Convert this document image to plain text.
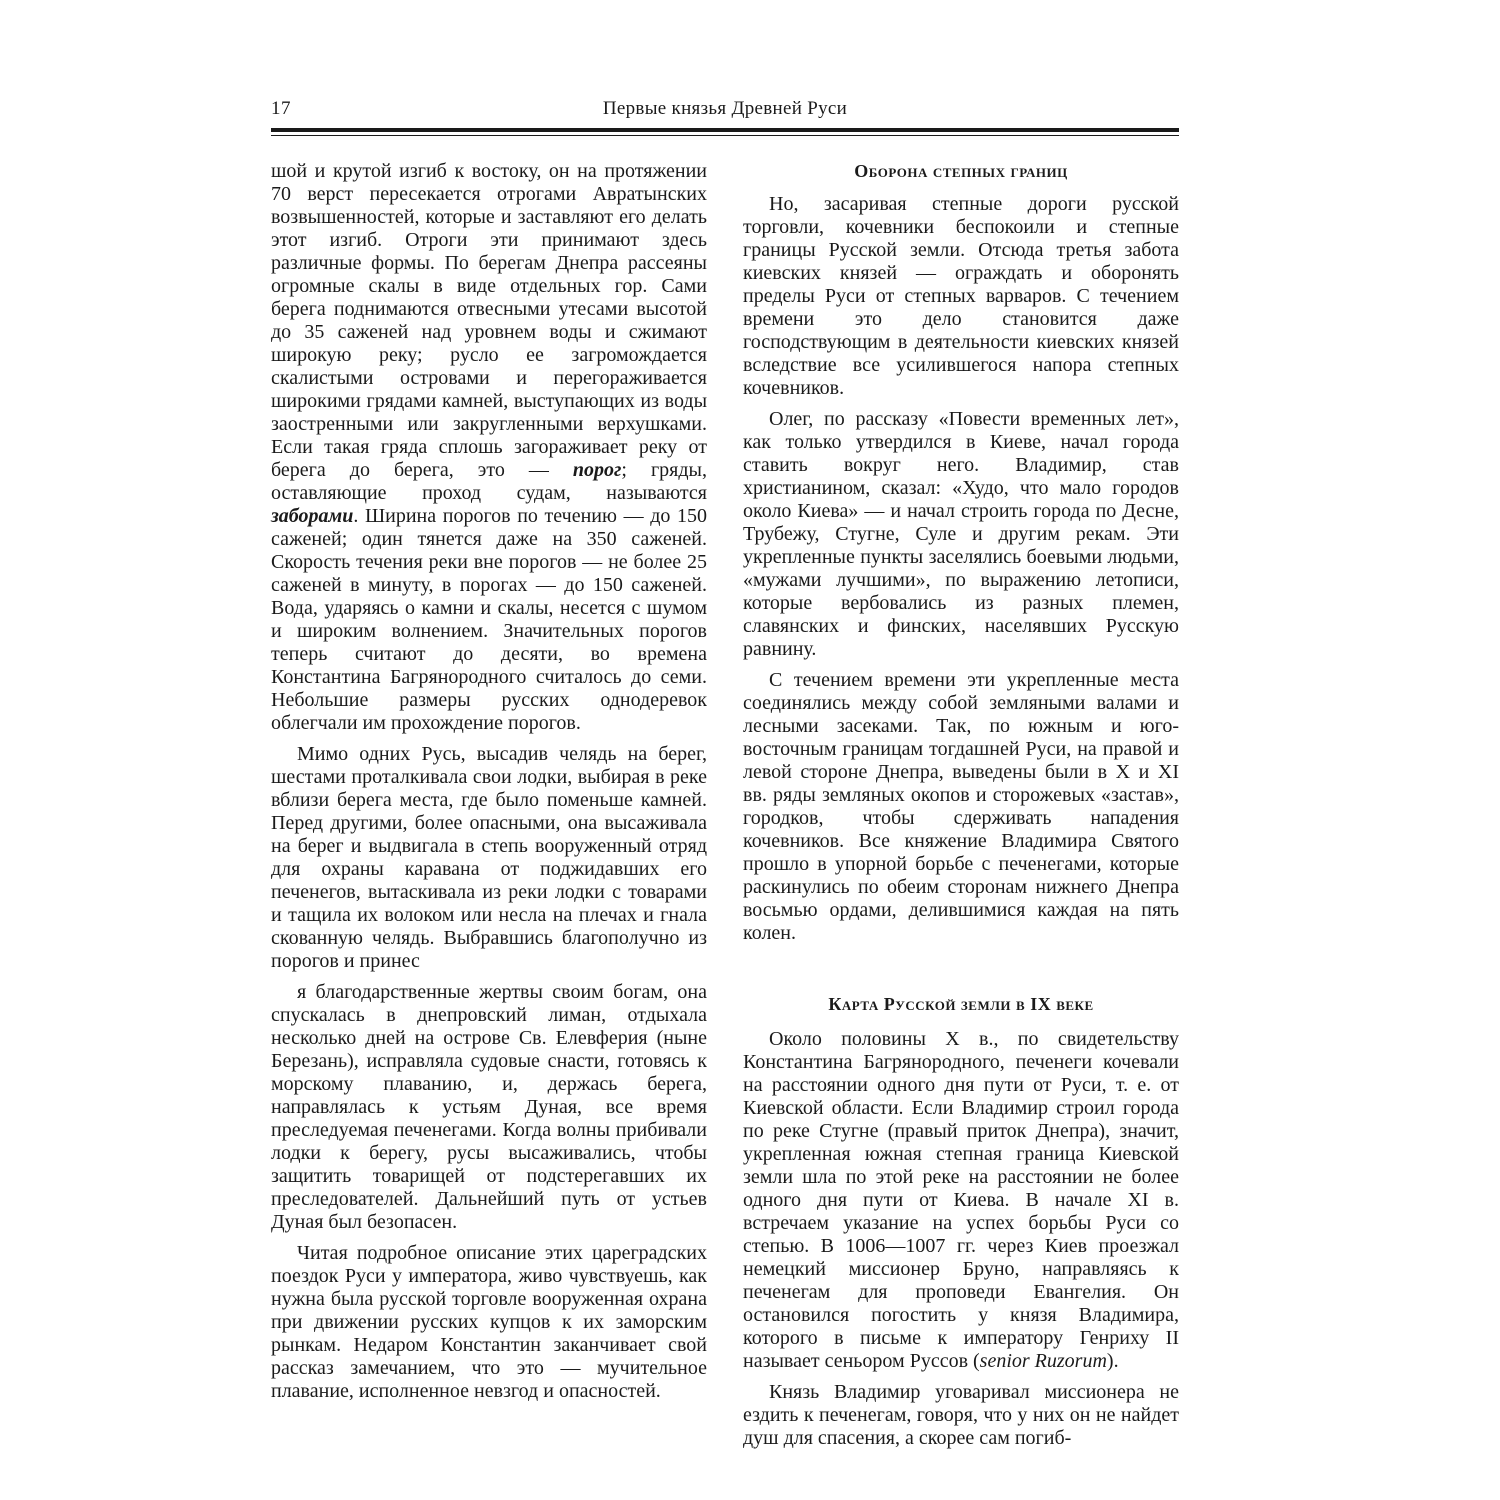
17	Первые князья Древней Руси

шой и крутой изгиб к востоку, он на протяжении 70 верст пересекается отрогами Авратынских возвышенностей, которые и заставляют его делать этот изгиб. Отроги эти принимают здесь различные формы. По берегам Днепра рассеяны огромные скалы в виде отдельных гор. Сами берега поднимаются отвесными утесами высотой до 35 саженей над уровнем воды и сжимают широкую реку; русло ее загромождается скалистыми островами и перегораживается широкими грядами камней, выступающих из воды заостренными или закругленными верхушками. Если такая гряда сплошь загораживает реку от берега до берега, это — порог; гряды, оставляющие проход судам, называются заборами. Ширина порогов по течению — до 150 саженей; один тянется даже на 350 саженей. Скорость течения реки вне порогов — не более 25 саженей в минуту, в порогах — до 150 саженей. Вода, ударяясь о камни и скалы, несется с шумом и широким волнением. Значительных порогов теперь считают до десяти, во времена Константина Багрянородного считалось до семи. Небольшие размеры русских однодеревок облегчали им прохождение порогов.

Мимо одних Русь, высадив челядь на берег, шестами проталкивала свои лодки, выбирая в реке вблизи берега места, где было поменьше камней. Перед другими, более опасными, она высаживала на берег и выдвигала в степь вооруженный отряд для охраны каравана от поджидавших его печенегов, вытаскивала из реки лодки с товарами и тащила их волоком или несла на плечах и гнала скованную челядь. Выбравшись благополучно из порогов и принес

я благодарственные жертвы своим богам, она спускалась в днепровский лиман, отдыхала несколько дней на острове Св. Елевферия (ныне Березань), исправляла судовые снасти, готовясь к морскому плаванию, и, держась берега, направлялась к устьям Дуная, все время преследуемая печенегами. Когда волны прибивали лодки к берегу, русы высаживались, чтобы защитить товарищей от подстерегавших их преследователей. Дальнейший путь от устьев Дуная был безопасен.

Читая подробное описание этих цареградских поездок Руси у императора, живо чувствуешь, как нужна была русской торговле вооруженная охрана при движении русских купцов к их заморским рынкам. Недаром Константин заканчивает свой рассказ замечанием, что это — мучительное плавание, исполненное невзгод и опасностей.

Оборона степных границ

Но, засаривая степные дороги русской торговли, кочевники беспокоили и степные границы Русской земли. Отсюда третья забота киевских князей — ограждать и оборонять пределы Руси от степных варваров. С течением времени это дело становится даже господствующим в деятельности киевских князей вследствие все усилившегося напора степных кочевников.

Олег, по рассказу «Повести временных лет», как только утвердился в Киеве, начал города ставить вокруг него. Владимир, став христианином, сказал: «Худо, что мало городов около Киева» — и начал строить города по Десне, Трубежу, Стугне, Суле и другим рекам. Эти укрепленные пункты заселялись боевыми людьми, «мужами лучшими», по выражению летописи, которые вербовались из разных племен, славянских и финских, населявших Русскую равнину.

С течением времени эти укрепленные места соединялись между собой земляными валами и лесными засеками. Так, по южным и юго-восточным границам тогдашней Руси, на правой и левой стороне Днепра, выведены были в X и XI вв. ряды земляных окопов и сторожевых «застав», городков, чтобы сдерживать нападения кочевников. Все княжение Владимира Святого прошло в упорной борьбе с печенегами, которые раскинулись по обеим сторонам нижнего Днепра восьмью ордами, делившимися каждая на пять колен.

Карта Русской земли в IX веке

Около половины X в., по свидетельству Константина Багрянородного, печенеги кочевали на расстоянии одного дня пути от Руси, т. е. от Киевской области. Если Владимир строил города по реке Стугне (правый приток Днепра), значит, укрепленная южная степная граница Киевской земли шла по этой реке на расстоянии не более одного дня пути от Киева. В начале XI в. встречаем указание на успех борьбы Руси со степью. В 1006—1007 гг. через Киев проезжал немецкий миссионер Бруно, направляясь к печенегам для проповеди Евангелия. Он остановился погостить у князя Владимира, которого в письме к императору Генриху II называет сеньором Руссов (senior Ruzorum).

Князь Владимир уговаривал миссионера не ездить к печенегам, говоря, что у них он не найдет душ для спасения, а скорее сам погиб-
